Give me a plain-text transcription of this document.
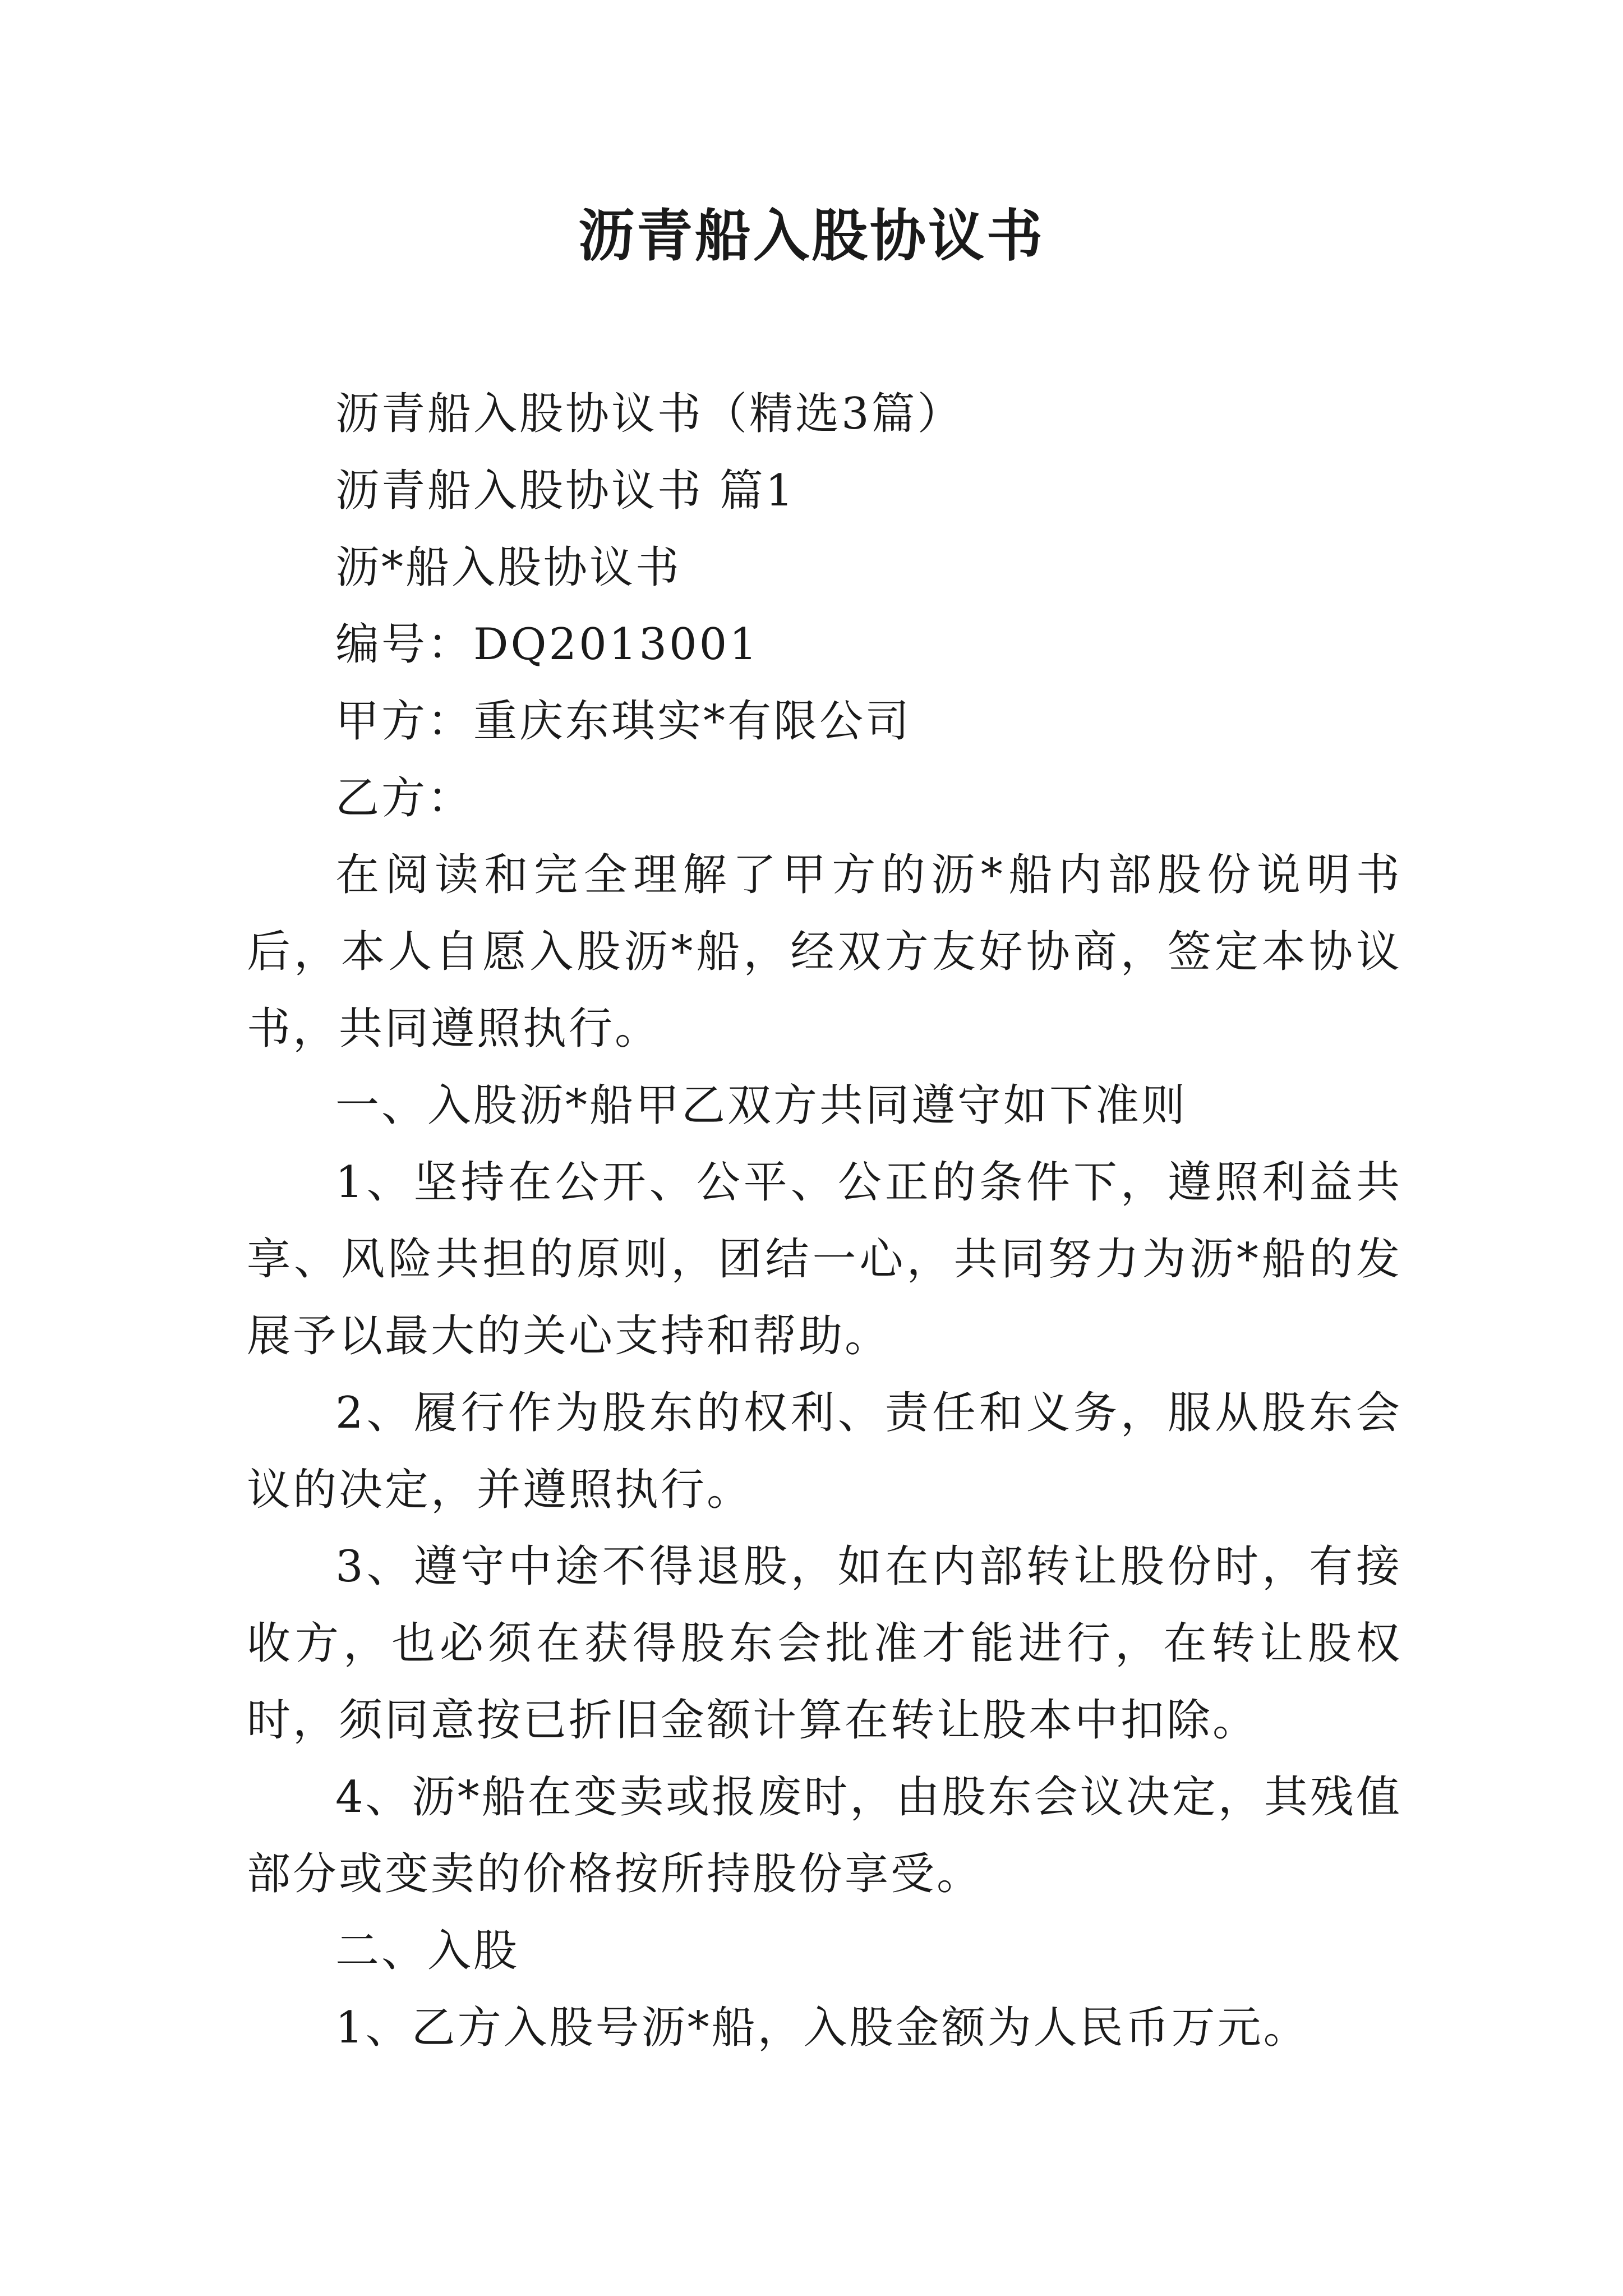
沥青船入股协议书

沥青船入股协议书（精选3篇）

沥青船入股协议书 篇1

沥*船入股协议书

编号：DQ2013001

甲方：重庆东琪实*有限公司

乙方：

在阅读和完全理解了甲方的沥*船内部股份说明书后，本人自愿入股沥*船，经双方友好协商，签定本协议书，共同遵照执行。

一、入股沥*船甲乙双方共同遵守如下准则

1、坚持在公开、公平、公正的条件下，遵照利益共享、风险共担的原则，团结一心，共同努力为沥*船的发展予以最大的关心支持和帮助。

2、履行作为股东的权利、责任和义务，服从股东会议的决定，并遵照执行。

3、遵守中途不得退股，如在内部转让股份时，有接收方，也必须在获得股东会批准才能进行，在转让股权时，须同意按已折旧金额计算在转让股本中扣除。

4、沥*船在变卖或报废时，由股东会议决定，其残值部分或变卖的价格按所持股份享受。

二、入股

1、乙方入股号沥*船，入股金额为人民币万元。
